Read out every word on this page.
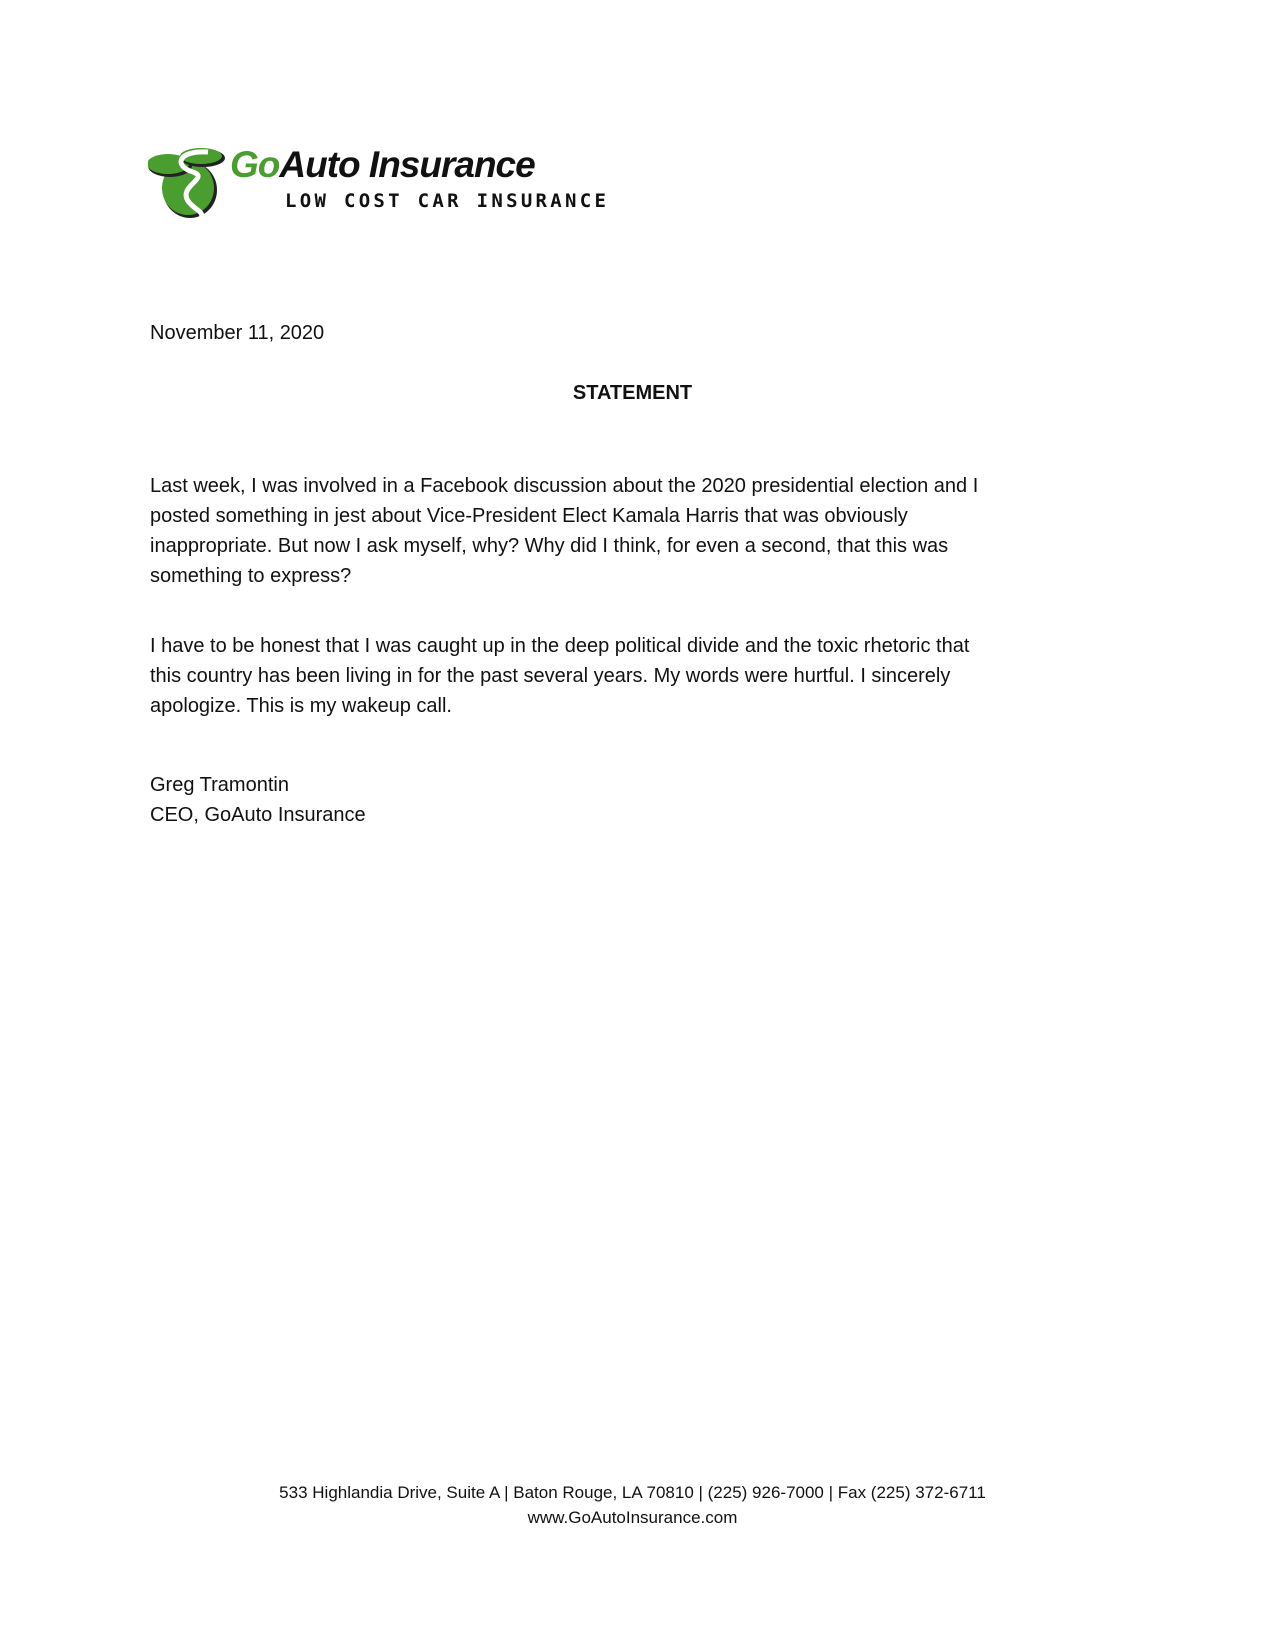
GoAuto Insurance
LOW COST CAR INSURANCE
November 11, 2020
STATEMENT
Last week, I was involved in a Facebook discussion about the 2020 presidential election and I
posted something in jest about Vice-President Elect Kamala Harris that was obviously
inappropriate. But now I ask myself, why? Why did I think, for even a second, that this was
something to express?
I have to be honest that I was caught up in the deep political divide and the toxic rhetoric that
this country has been living in for the past several years. My words were hurtful. I sincerely
apologize. This is my wakeup call.
Greg Tramontin
CEO, GoAuto Insurance
533 Highlandia Drive, Suite A | Baton Rouge, LA 70810 | (225) 926-7000 | Fax (225) 372-6711
www.GoAutoInsurance.com
